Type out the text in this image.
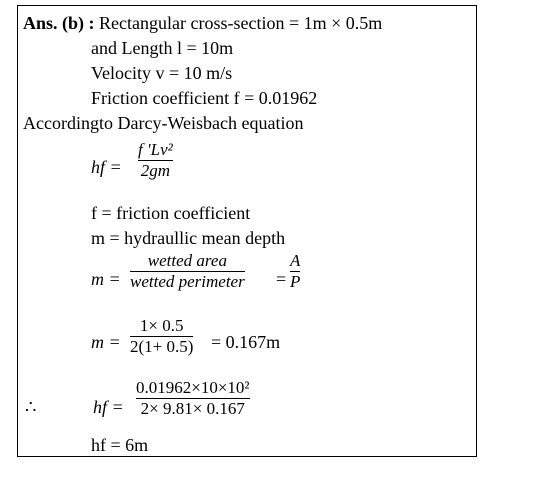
Ans. (b) : Rectangular cross-section = 1m × 0.5m
and Length l = 10m
Velocity v = 10 m/s
Friction coefficient f = 0.01962
Accordingto Darcy-Weisbach equation
hf =
f 'Lv²
2gm
f = friction coefficient
m = hydraullic mean depth
m =
wetted area
wetted perimeter =
A
P
m =
1× 0.5
2(1+ 0.5) = 0.167m
∴	hf =
0.01962×10×10²
2× 9.81× 0.167
hf = 6m
